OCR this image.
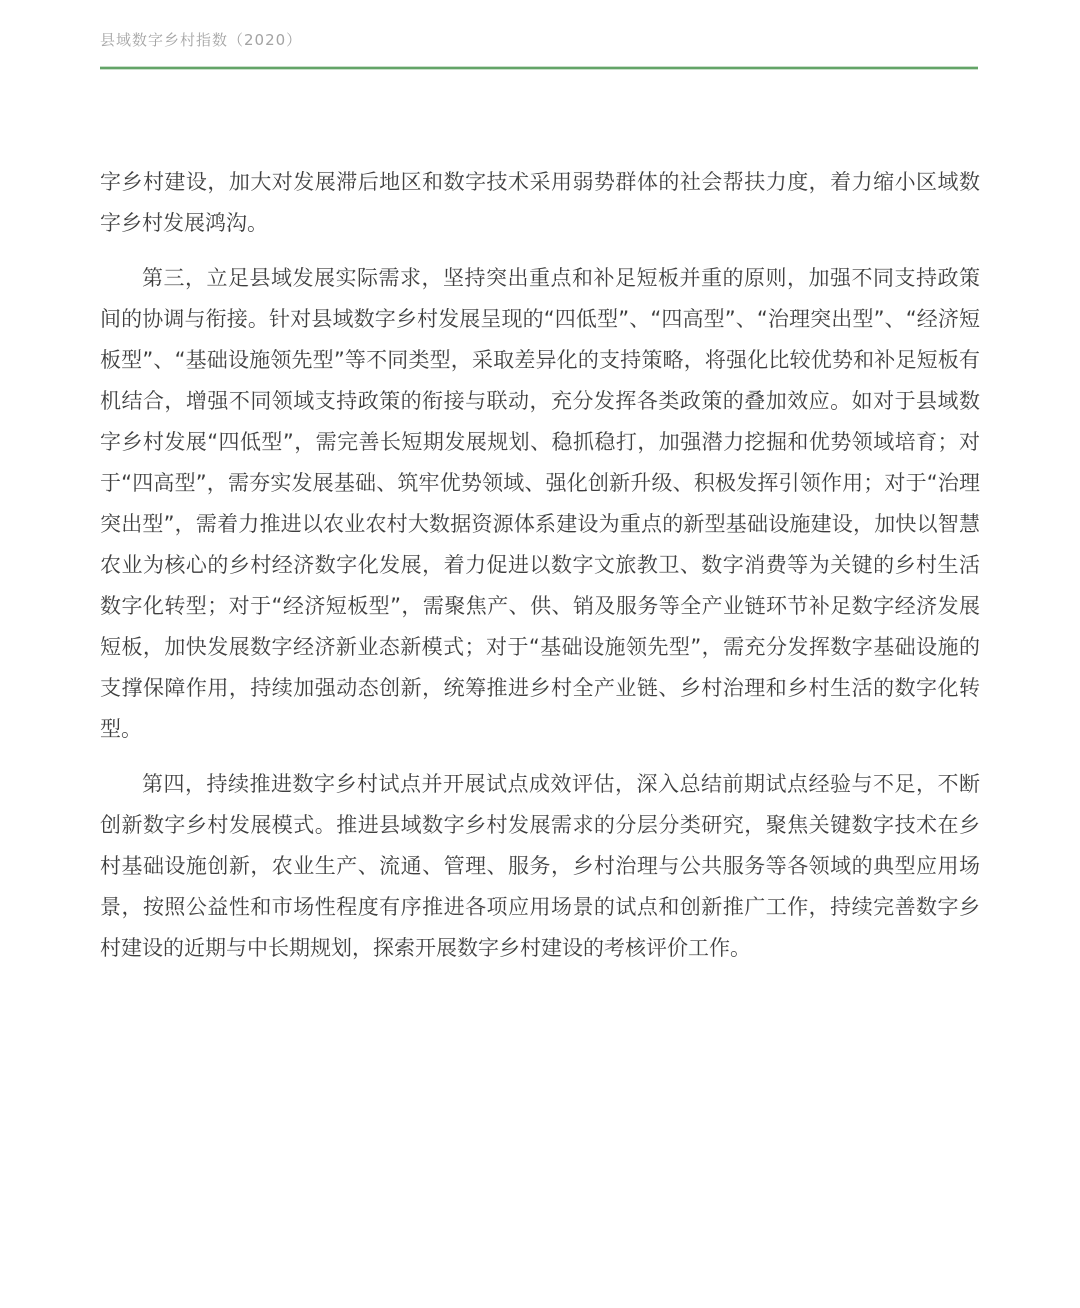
县域数字乡村指数（2020）

字乡村建设，加大对发展滞后地区和数字技术采用弱势群体的社会帮扶力度，着力缩小区域数字乡村发展鸿沟。

第三，立足县域发展实际需求，坚持突出重点和补足短板并重的原则，加强不同支持政策间的协调与衔接。针对县域数字乡村发展呈现的“四低型”、“四高型”、“治理突出型”、“经济短板型”、“基础设施领先型”等不同类型，采取差异化的支持策略，将强化比较优势和补足短板有机结合，增强不同领域支持政策的衔接与联动，充分发挥各类政策的叠加效应。如对于县域数字乡村发展“四低型”，需完善长短期发展规划、稳抓稳打，加强潜力挖掘和优势领域培育；对于“四高型”，需夯实发展基础、筑牢优势领域、强化创新升级、积极发挥引领作用；对于“治理突出型”，需着力推进以农业农村大数据资源体系建设为重点的新型基础设施建设，加快以智慧农业为核心的乡村经济数字化发展，着力促进以数字文旅教卫、数字消费等为关键的乡村生活数字化转型；对于“经济短板型”，需聚焦产、供、销及服务等全产业链环节补足数字经济发展短板，加快发展数字经济新业态新模式；对于“基础设施领先型”，需充分发挥数字基础设施的支撑保障作用，持续加强动态创新，统筹推进乡村全产业链、乡村治理和乡村生活的数字化转型。

第四，持续推进数字乡村试点并开展试点成效评估，深入总结前期试点经验与不足，不断创新数字乡村发展模式。推进县域数字乡村发展需求的分层分类研究，聚焦关键数字技术在乡村基础设施创新，农业生产、流通、管理、服务，乡村治理与公共服务等各领域的典型应用场景，按照公益性和市场性程度有序推进各项应用场景的试点和创新推广工作，持续完善数字乡村建设的近期与中长期规划，探索开展数字乡村建设的考核评价工作。
